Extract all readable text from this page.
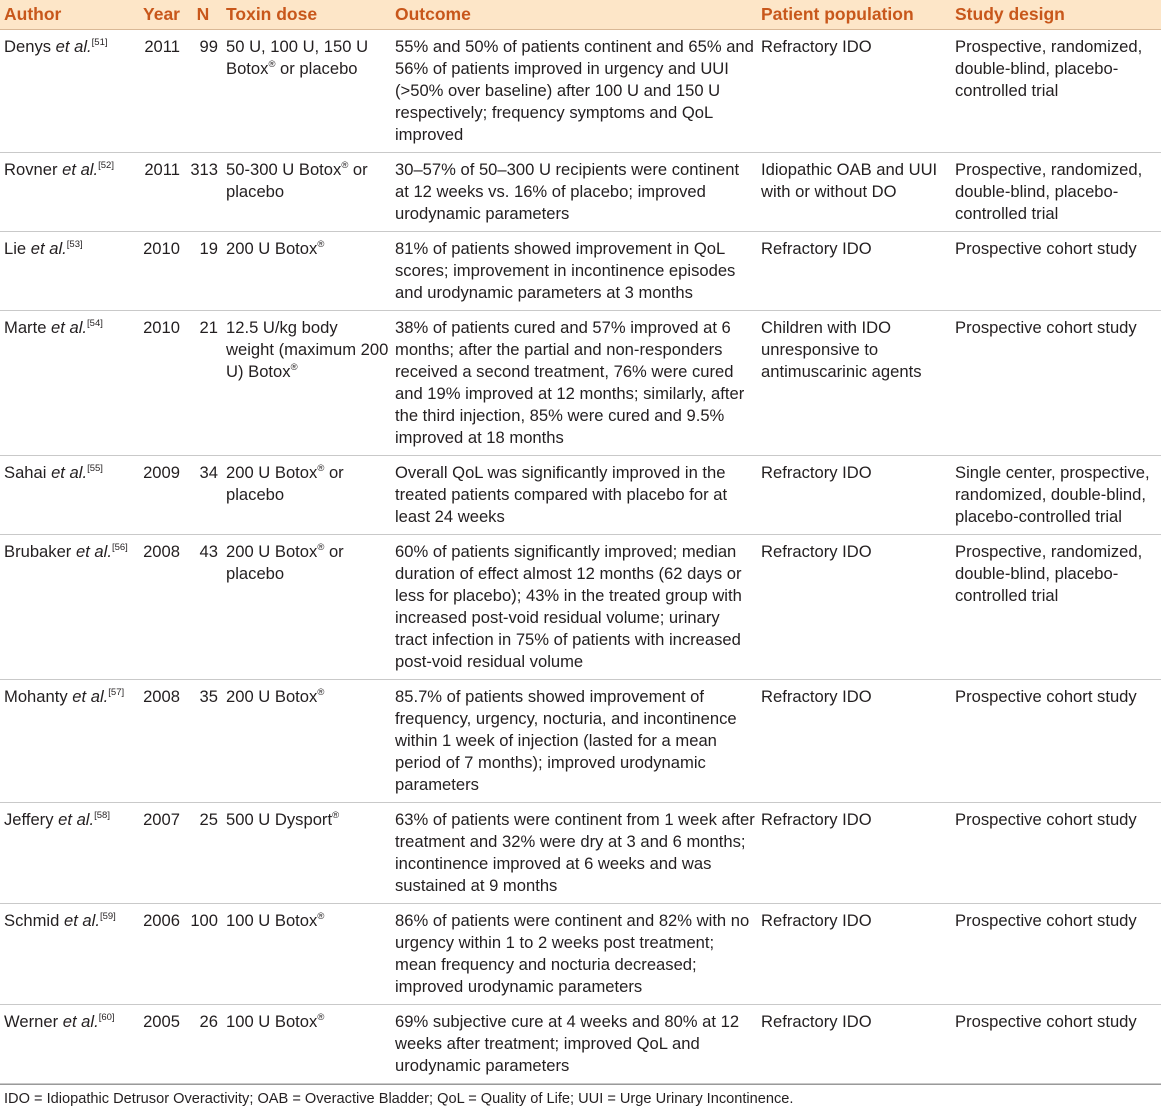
Author	Year	N	Toxin dose	Outcome	Patient population	Study design
Denys et al.[51]	2011	99	50 U, 100 U, 150 U Botox® or placebo	55% and 50% of patients continent and 65% and 56% of patients improved in urgency and UUI (>50% over baseline) after 100 U and 150 U respectively; frequency symptoms and QoL improved	Refractory IDO	Prospective, randomized, double-blind, placebo-controlled trial
Rovner et al.[52]	2011	313	50-300 U Botox® or placebo	30–57% of 50–300 U recipients were continent at 12 weeks vs. 16% of placebo; improved urodynamic parameters	Idiopathic OAB and UUI with or without DO	Prospective, randomized, double-blind, placebo-controlled trial
Lie et al.[53]	2010	19	200 U Botox®	81% of patients showed improvement in QoL scores; improvement in incontinence episodes and urodynamic parameters at 3 months	Refractory IDO	Prospective cohort study
Marte et al.[54]	2010	21	12.5 U/kg body weight (maximum 200 U) Botox®	38% of patients cured and 57% improved at 6 months; after the partial and non-responders received a second treatment, 76% were cured and 19% improved at 12 months; similarly, after the third injection, 85% were cured and 9.5% improved at 18 months	Children with IDO unresponsive to antimuscarinic agents	Prospective cohort study
Sahai et al.[55]	2009	34	200 U Botox® or placebo	Overall QoL was significantly improved in the treated patients compared with placebo for at least 24 weeks	Refractory IDO	Single center, prospective, randomized, double-blind, placebo-controlled trial
Brubaker et al.[56]	2008	43	200 U Botox® or placebo	60% of patients significantly improved; median duration of effect almost 12 months (62 days or less for placebo); 43% in the treated group with increased post-void residual volume; urinary tract infection in 75% of patients with increased post-void residual volume	Refractory IDO	Prospective, randomized, double-blind, placebo-controlled trial
Mohanty et al.[57]	2008	35	200 U Botox®	85.7% of patients showed improvement of frequency, urgency, nocturia, and incontinence within 1 week of injection (lasted for a mean period of 7 months); improved urodynamic parameters	Refractory IDO	Prospective cohort study
Jeffery et al.[58]	2007	25	500 U Dysport®	63% of patients were continent from 1 week after treatment and 32% were dry at 3 and 6 months; incontinence improved at 6 weeks and was sustained at 9 months	Refractory IDO	Prospective cohort study
Schmid et al.[59]	2006	100	100 U Botox®	86% of patients were continent and 82% with no urgency within 1 to 2 weeks post treatment; mean frequency and nocturia decreased; improved urodynamic parameters	Refractory IDO	Prospective cohort study
Werner et al.[60]	2005	26	100 U Botox®	69% subjective cure at 4 weeks and 80% at 12 weeks after treatment; improved QoL and urodynamic parameters	Refractory IDO	Prospective cohort study
IDO = Idiopathic Detrusor Overactivity; OAB = Overactive Bladder; QoL = Quality of Life; UUI = Urge Urinary Incontinence.
